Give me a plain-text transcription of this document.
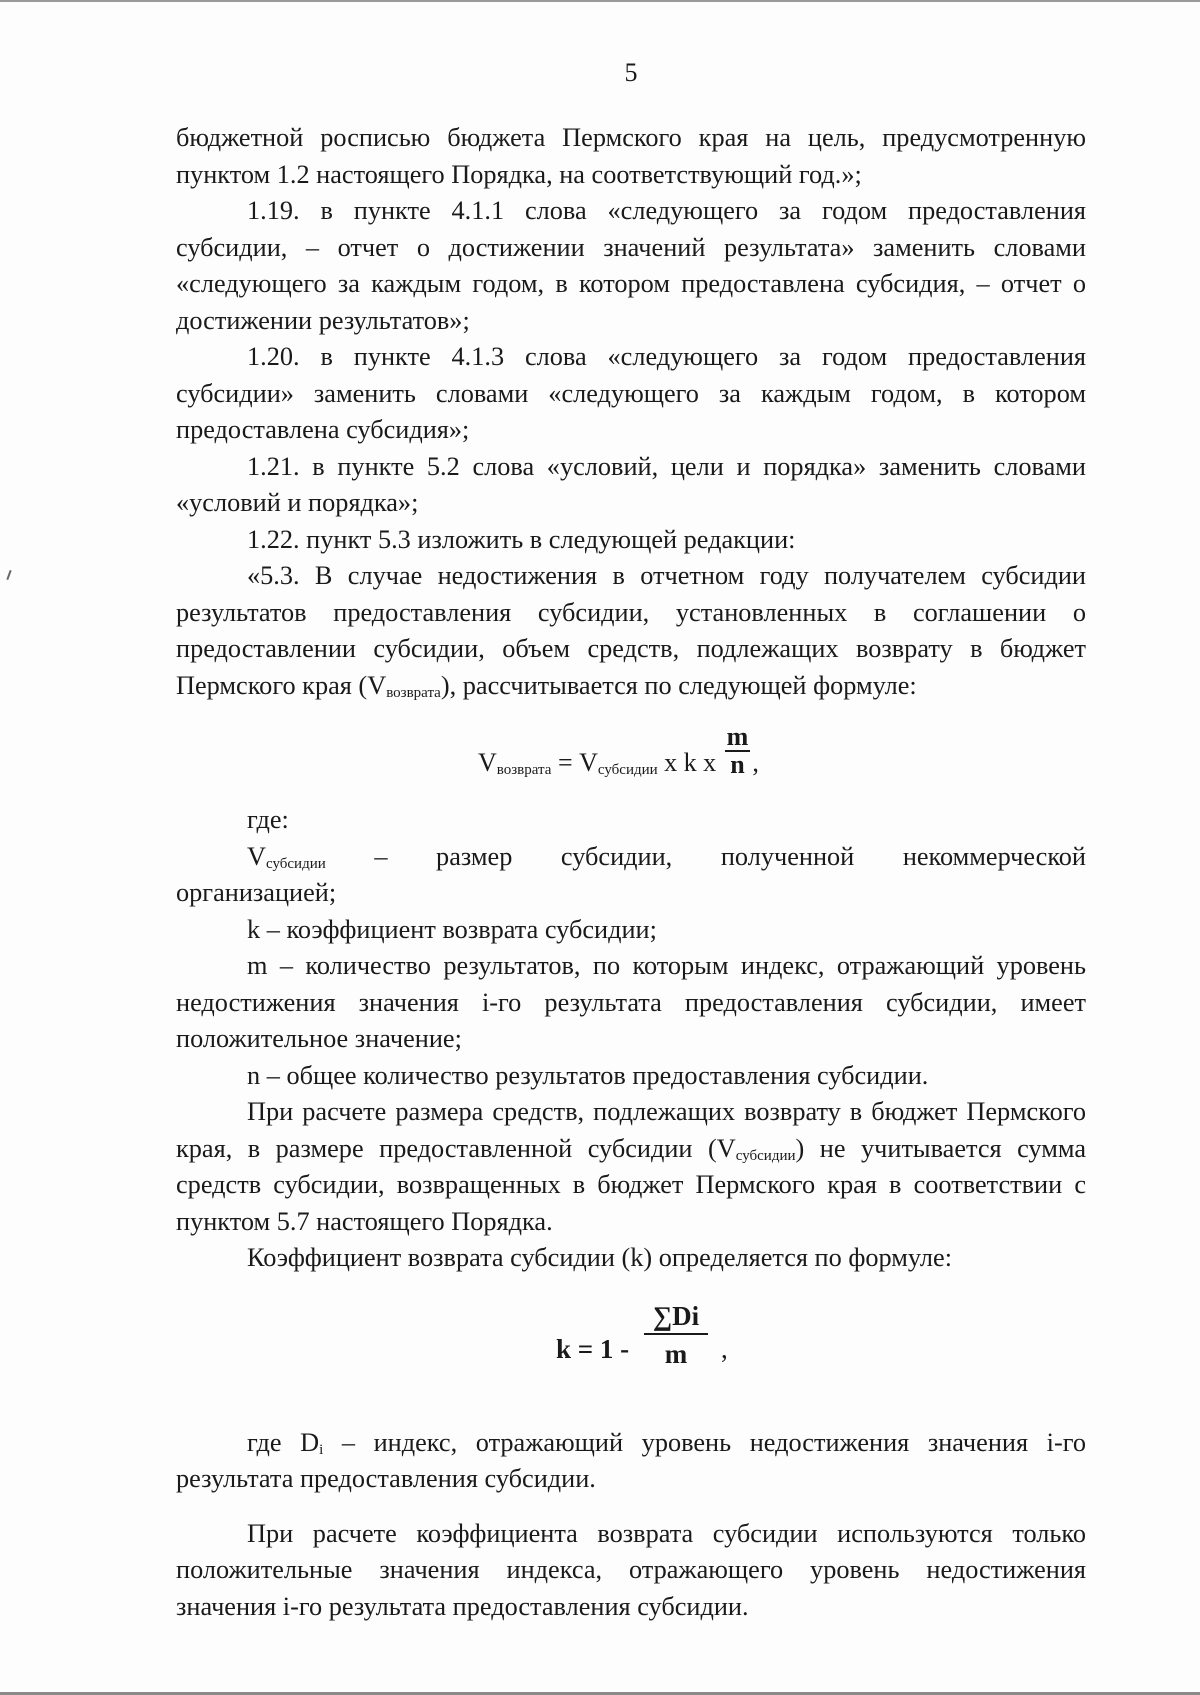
5

бюджетной росписью бюджета Пермского края на цель, предусмотренную пунктом 1.2 настоящего Порядка, на соответствующий год.»;

1.19. в пункте 4.1.1 слова «следующего за годом предоставления субсидии, – отчет о достижении значений результата» заменить словами «следующего за каждым годом, в котором предоставлена субсидия, – отчет о достижении результатов»;

1.20. в пункте 4.1.3 слова «следующего за годом предоставления субсидии» заменить словами «следующего за каждым годом, в котором предоставлена субсидия»;

1.21. в пункте 5.2 слова «условий, цели и порядка» заменить словами «условий и порядка»;

1.22. пункт 5.3 изложить в следующей редакции:

«5.3. В случае недостижения в отчетном году получателем субсидии результатов предоставления субсидии, установленных в соглашении о предоставлении субсидии, объем средств, подлежащих возврату в бюджет Пермского края $(V_{возврата})$, рассчитывается по следующей формуле:

$V_{возврата} = V_{субсидии}$ x k x $\frac{m}{n}$ ,

где:

$V_{субсидии}$ – размер субсидии, полученной некоммерческой

организацией;

k – коэффициент возврата субсидии;

m – количество результатов, по которым индекс, отражающий уровень недостижения значения i-го результата предоставления субсидии, имеет положительное значение;

n – общее количество результатов предоставления субсидии.

При расчете размера средств, подлежащих возврату в бюджет Пермского края, в размере предоставленной субсидии $(V_{субсидии})$ не учитывается сумма средств субсидии, возвращенных в бюджет Пермского края в соответствии с пунктом 5.7 настоящего Порядка.

Коэффициент возврата субсидии (k) определяется по формуле:

$k = 1 - \frac{\sum Di}{m}$ ,

где $D_i$ – индекс, отражающий уровень недостижения значения i-го результата предоставления субсидии.

При расчете коэффициента возврата субсидии используются только положительные значения индекса, отражающего уровень недостижения значения i-го результата предоставления субсидии.
